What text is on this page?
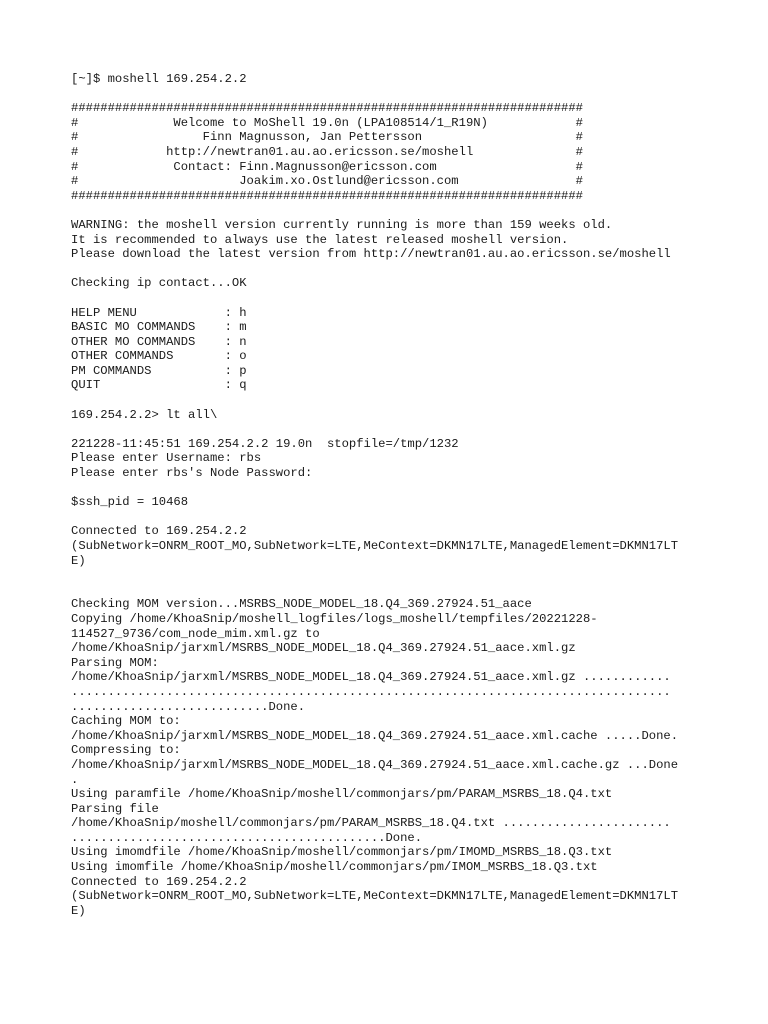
[~]$ moshell 169.254.2.2
######################################################################
#             Welcome to MoShell 19.0n (LPA108514/1_R19N)            #
#                 Finn Magnusson, Jan Pettersson                     #
#            http://newtran01.au.ao.ericsson.se/moshell              #
#             Contact: Finn.Magnusson@ericsson.com                   #
#                      Joakim.xo.Ostlund@ericsson.com                #
######################################################################
WARNING: the moshell version currently running is more than 159 weeks old.
It is recommended to always use the latest released moshell version.
Please download the latest version from http://newtran01.au.ao.ericsson.se/moshell
Checking ip contact...OK
HELP MENU            : h
BASIC MO COMMANDS    : m
OTHER MO COMMANDS    : n
OTHER COMMANDS       : o
PM COMMANDS          : p
QUIT                 : q
169.254.2.2> lt all\
221228-11:45:51 169.254.2.2 19.0n  stopfile=/tmp/1232
Please enter Username: rbs
Please enter rbs's Node Password:
$ssh_pid = 10468
Connected to 169.254.2.2
(SubNetwork=ONRM_ROOT_MO,SubNetwork=LTE,MeContext=DKMN17LTE,ManagedElement=DKMN17LT
E)
Checking MOM version...MSRBS_NODE_MODEL_18.Q4_369.27924.51_aace
Copying /home/KhoaSnip/moshell_logfiles/logs_moshell/tempfiles/20221228-
114527_9736/com_node_mim.xml.gz to
/home/KhoaSnip/jarxml/MSRBS_NODE_MODEL_18.Q4_369.27924.51_aace.xml.gz
Parsing MOM:
/home/KhoaSnip/jarxml/MSRBS_NODE_MODEL_18.Q4_369.27924.51_aace.xml.gz ............
..................................................................................
...........................Done.
Caching MOM to:
/home/KhoaSnip/jarxml/MSRBS_NODE_MODEL_18.Q4_369.27924.51_aace.xml.cache .....Done.
Compressing to:
/home/KhoaSnip/jarxml/MSRBS_NODE_MODEL_18.Q4_369.27924.51_aace.xml.cache.gz ...Done
.
Using paramfile /home/KhoaSnip/moshell/commonjars/pm/PARAM_MSRBS_18.Q4.txt
Parsing file
/home/KhoaSnip/moshell/commonjars/pm/PARAM_MSRBS_18.Q4.txt .......................
...........................................Done.
Using imomdfile /home/KhoaSnip/moshell/commonjars/pm/IMOMD_MSRBS_18.Q3.txt
Using imomfile /home/KhoaSnip/moshell/commonjars/pm/IMOM_MSRBS_18.Q3.txt
Connected to 169.254.2.2
(SubNetwork=ONRM_ROOT_MO,SubNetwork=LTE,MeContext=DKMN17LTE,ManagedElement=DKMN17LT
E)
